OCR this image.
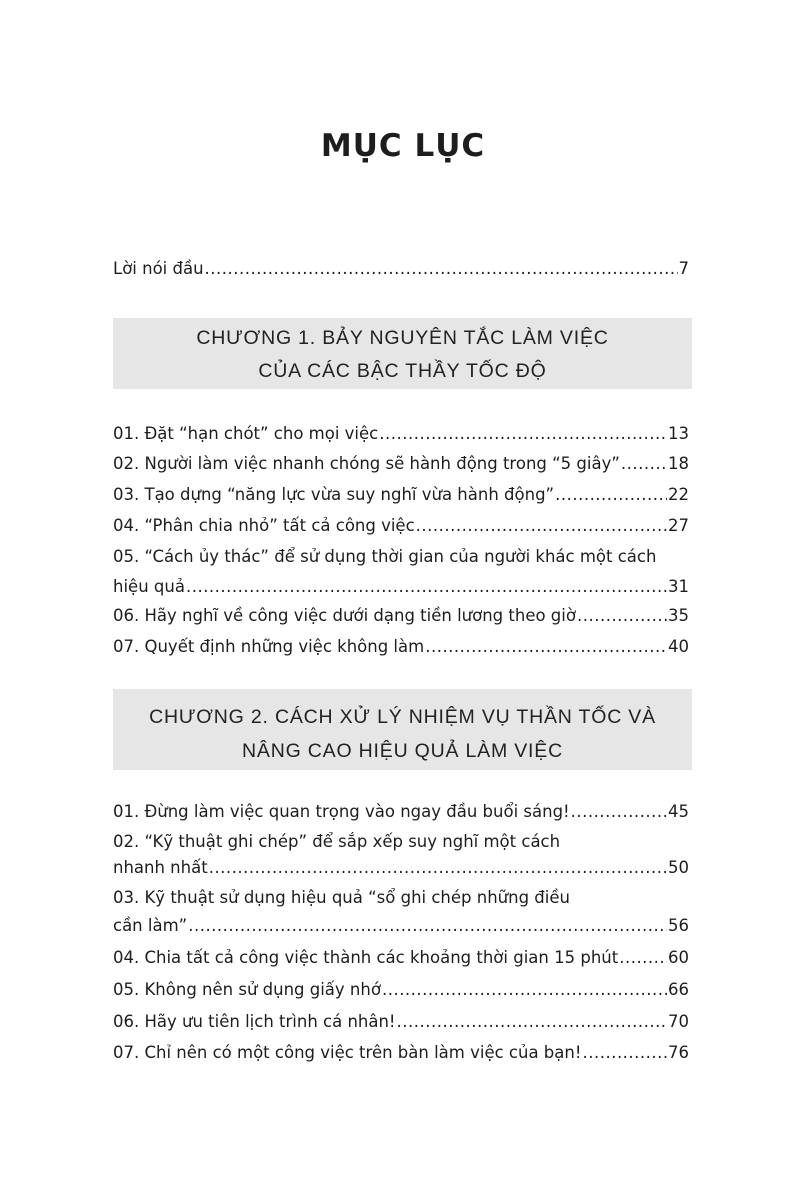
MỤC LỤC
Lời nói đầu .....	7
CHƯƠNG 1. BẢY NGUYÊN TẮC LÀM VIỆC
CỦA CÁC BẬC THẦY TỐC ĐỘ
01. Đặt “hạn chót” cho mọi việc .....	13
02. Người làm việc nhanh chóng sẽ hành động trong “5 giây” .....	18
03. Tạo dựng “năng lực vừa suy nghĩ vừa hành động” .....	22
04. “Phân chia nhỏ” tất cả công việc .....	27
05. “Cách ủy thác” để sử dụng thời gian của người khác một cách
hiệu quả .....	31
06. Hãy nghĩ về công việc dưới dạng tiền lương theo giờ .....	35
07. Quyết định những việc không làm .....	40
CHƯƠNG 2. CÁCH XỬ LÝ NHIỆM VỤ THẦN TỐC VÀ
NÂNG CAO HIỆU QUẢ LÀM VIỆC
01. Đừng làm việc quan trọng vào ngay đầu buổi sáng! .....	45
02. “Kỹ thuật ghi chép” để sắp xếp suy nghĩ một cách
nhanh nhất .....	50
03. Kỹ thuật sử dụng hiệu quả “sổ ghi chép những điều
cần làm” .....	56
04. Chia tất cả công việc thành các khoảng thời gian 15 phút .....	60
05. Không nên sử dụng giấy nhớ .....	66
06. Hãy ưu tiên lịch trình cá nhân! .....	70
07. Chỉ nên có một công việc trên bàn làm việc của bạn! .....	76
